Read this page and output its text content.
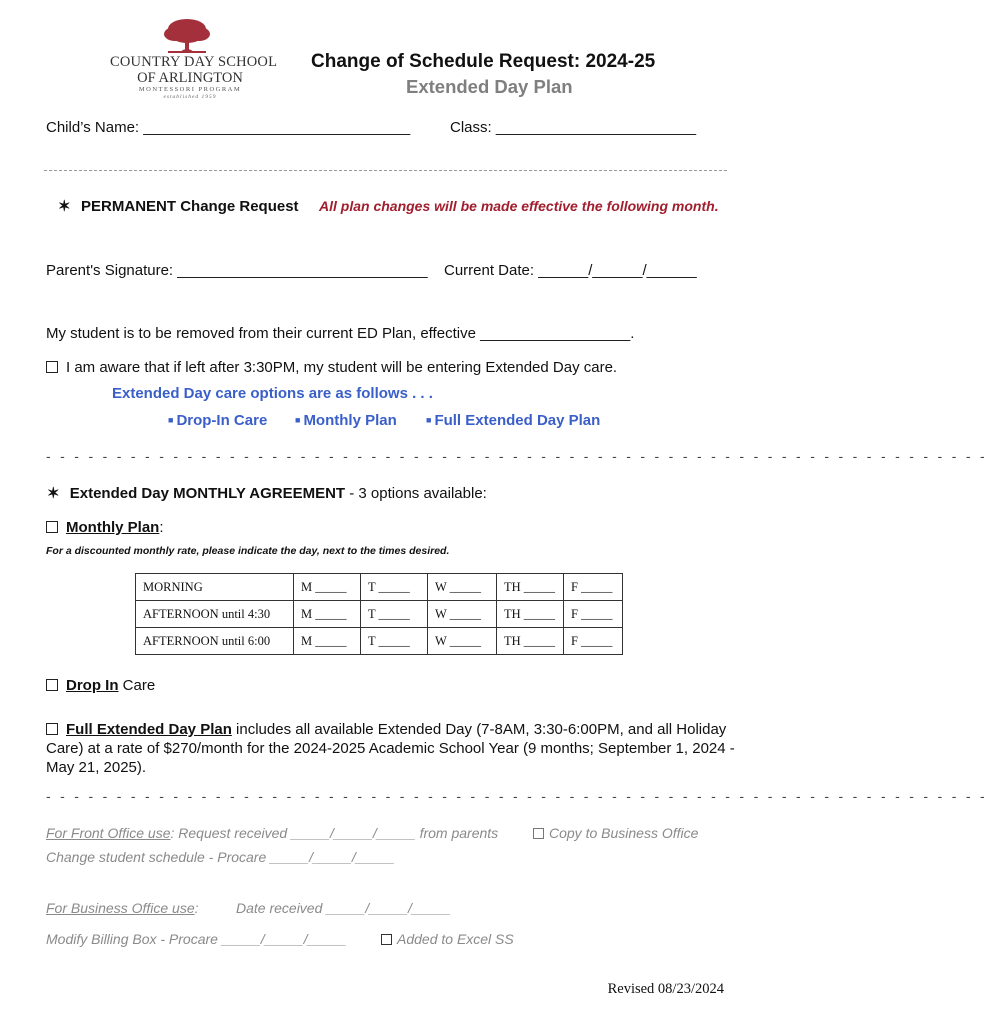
COUNTRY DAY SCHOOL
OF ARLINGTON
MONTESSORI PROGRAM
established 1959
Change of Schedule Request: 2024-25
Extended Day Plan
Child’s Name: ________________________________	Class: ________________________
✶ PERMANENT Change Request All plan changes will be made effective the following month.
Parent's Signature: ______________________________ Current Date: ______/______/______
My student is to be removed from their current ED Plan, effective __________________.
I am aware that if left after 3:30PM, my student will be entering Extended Day care.
Extended Day care options are as follows . . .
■ Drop-In Care	■ Monthly Plan	■ Full Extended Day Plan
- - - - - - - - - - - - - - - - - - - - - - - - - - - - - - - - - - - - - - - - - - - - - - - - - - - - - - - - - - - - - - - - - - -
✶ Extended Day MONTHLY AGREEMENT - 3 options available:
Monthly Plan:
For a discounted monthly rate, please indicate the day, next to the times desired.
MORNING	M _____	T _____	W _____	TH _____	F _____
AFTERNOON until 4:30	M _____	T _____	W _____	TH _____	F _____
AFTERNOON until 6:00	M _____	T _____	W _____	TH _____	F _____
Drop In Care
Full Extended Day Plan includes all available Extended Day (7-8AM, 3:30-6:00PM, and all Holiday Care) at a rate of $270/month for the 2024-2025 Academic School Year (9 months; September 1, 2024 - May 21, 2025).
- - - - - - - - - - - - - - - - - - - - - - - - - - - - - - - - - - - - - - - - - - - - - - - - - - - - - - - - - - - - - - - - - - -
For Front Office use: Request received _____/_____/_____ from parents	Copy to Business Office
Change student schedule - Procare _____/_____/_____
For Business Office use:	Date received _____/_____/_____
Modify Billing Box - Procare _____/_____/_____	Added to Excel SS
Revised 08/23/2024
